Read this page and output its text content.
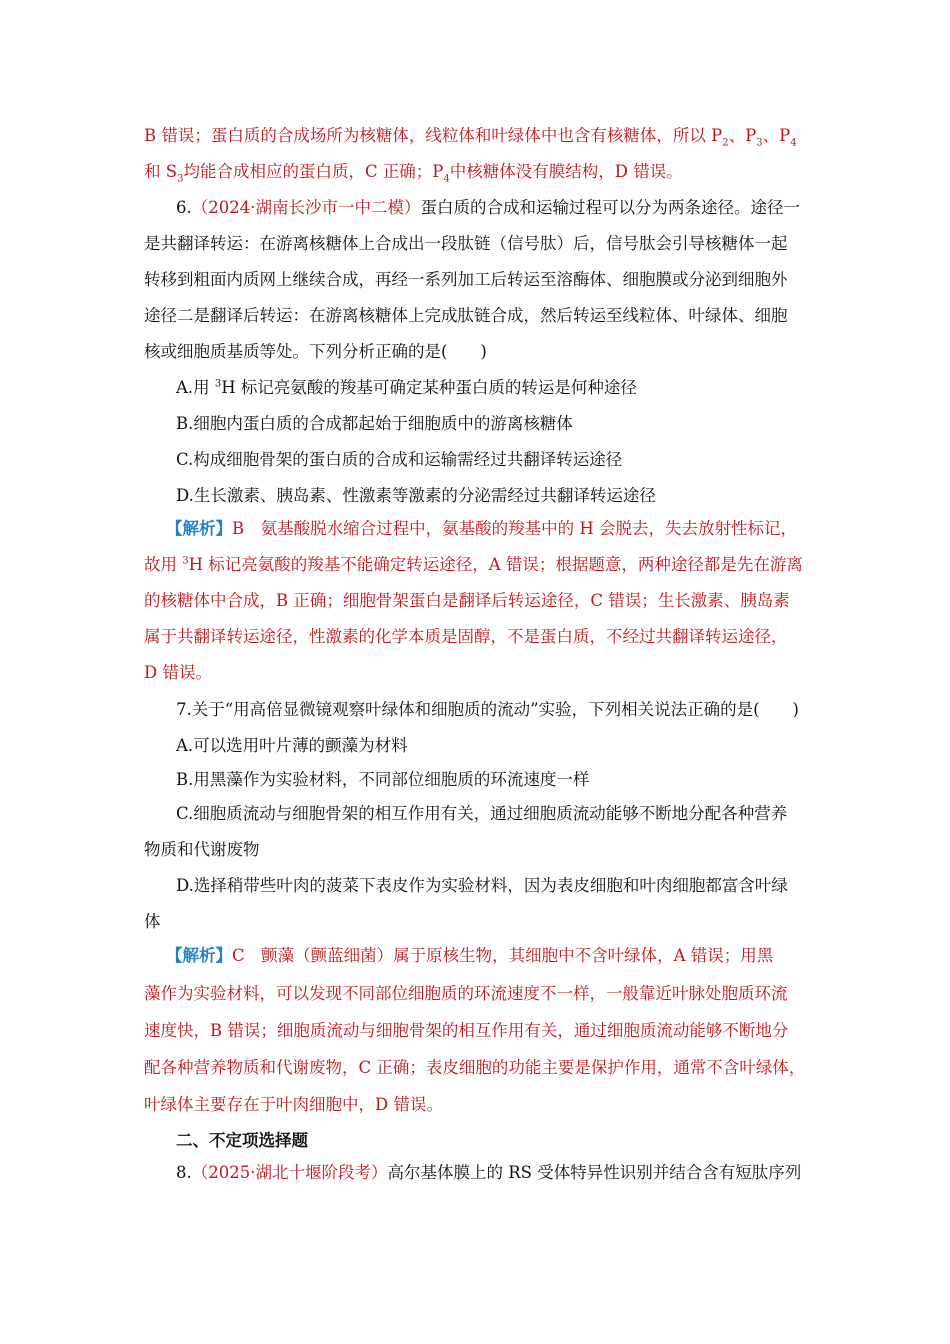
B 错误；蛋白质的合成场所为核糖体，线粒体和叶绿体中也含有核糖体，所以 $P_2$、$P_3$、$P_4$
和 $S_3$均能合成相应的蛋白质，C 正确；$P_4$中核糖体没有膜结构，D 错误。
6.（2024·湖南长沙市一中二模）蛋白质的合成和运输过程可以分为两条途径。途径一
是共翻译转运：在游离核糖体上合成出一段肽链（信号肽）后，信号肽会引导核糖体一起
转移到粗面内质网上继续合成，再经一系列加工后转运至溶酶体、细胞膜或分泌到细胞外
途径二是翻译后转运：在游离核糖体上完成肽链合成，然后转运至线粒体、叶绿体、细胞
核或细胞质基质等处。下列分析正确的是(　　)
A.用 $^3$H 标记亮氨酸的羧基可确定某种蛋白质的转运是何种途径
B.细胞内蛋白质的合成都起始于细胞质中的游离核糖体
C.构成细胞骨架的蛋白质的合成和运输需经过共翻译转运途径
D.生长激素、胰岛素、性激素等激素的分泌需经过共翻译转运途径
【解析】B　氨基酸脱水缩合过程中，氨基酸的羧基中的 H 会脱去，失去放射性标记，
故用 $^3$H 标记亮氨酸的羧基不能确定转运途径，A 错误；根据题意，两种途径都是先在游离
的核糖体中合成，B 正确；细胞骨架蛋白是翻译后转运途径，C 错误；生长激素、胰岛素
属于共翻译转运途径，性激素的化学本质是固醇，不是蛋白质，不经过共翻译转运途径，
D 错误。
7.关于“用高倍显微镜观察叶绿体和细胞质的流动”实验，下列相关说法正确的是(　　)
A.可以选用叶片薄的颤藻为材料
B.用黑藻作为实验材料，不同部位细胞质的环流速度一样
C.细胞质流动与细胞骨架的相互作用有关，通过细胞质流动能够不断地分配各种营养
物质和代谢废物
D.选择稍带些叶肉的菠菜下表皮作为实验材料，因为表皮细胞和叶肉细胞都富含叶绿
体
【解析】C　颤藻（颤蓝细菌）属于原核生物，其细胞中不含叶绿体，A 错误；用黑
藻作为实验材料，可以发现不同部位细胞质的环流速度不一样，一般靠近叶脉处胞质环流
速度快，B 错误；细胞质流动与细胞骨架的相互作用有关，通过细胞质流动能够不断地分
配各种营养物质和代谢废物，C 正确；表皮细胞的功能主要是保护作用，通常不含叶绿体，
叶绿体主要存在于叶肉细胞中，D 错误。
二、不定项选择题
8.（2025·湖北十堰阶段考）高尔基体膜上的 RS 受体特异性识别并结合含有短肽序列
